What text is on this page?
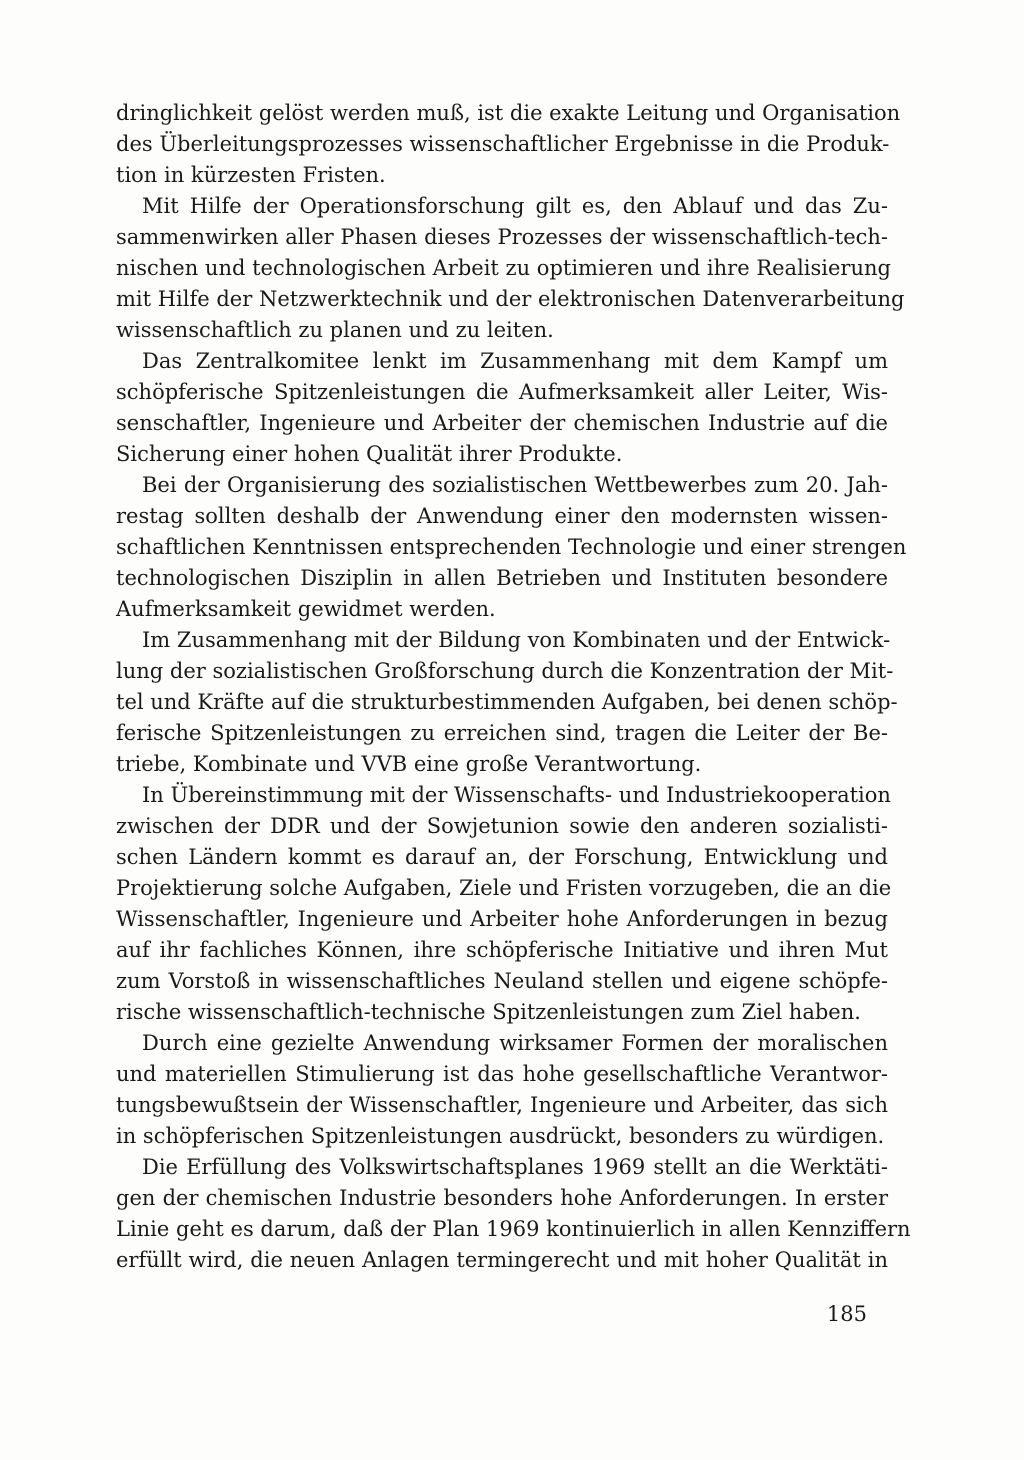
dringlichkeit gelöst werden muß, ist die exakte Leitung und Organisation
des Überleitungsprozesses wissenschaftlicher Ergebnisse in die Produk-
tion in kürzesten Fristen.
Mit Hilfe der Operationsforschung gilt es, den Ablauf und das Zu-
sammenwirken aller Phasen dieses Prozesses der wissenschaftlich-tech-
nischen und technologischen Arbeit zu optimieren und ihre Realisierung
mit Hilfe der Netzwerktechnik und der elektronischen Datenverarbeitung
wissenschaftlich zu planen und zu leiten.
Das Zentralkomitee lenkt im Zusammenhang mit dem Kampf um
schöpferische Spitzenleistungen die Aufmerksamkeit aller Leiter, Wis-
senschaftler, Ingenieure und Arbeiter der chemischen Industrie auf die
Sicherung einer hohen Qualität ihrer Produkte.
Bei der Organisierung des sozialistischen Wettbewerbes zum 20. Jah-
restag sollten deshalb der Anwendung einer den modernsten wissen-
schaftlichen Kenntnissen entsprechenden Technologie und einer strengen
technologischen Disziplin in allen Betrieben und Instituten besondere
Aufmerksamkeit gewidmet werden.
Im Zusammenhang mit der Bildung von Kombinaten und der Entwick-
lung der sozialistischen Großforschung durch die Konzentration der Mit-
tel und Kräfte auf die strukturbestimmenden Aufgaben, bei denen schöp-
ferische Spitzenleistungen zu erreichen sind, tragen die Leiter der Be-
triebe, Kombinate und VVB eine große Verantwortung.
In Übereinstimmung mit der Wissenschafts- und Industriekooperation
zwischen der DDR und der Sowjetunion sowie den anderen sozialisti-
schen Ländern kommt es darauf an, der Forschung, Entwicklung und
Projektierung solche Aufgaben, Ziele und Fristen vorzugeben, die an die
Wissenschaftler, Ingenieure und Arbeiter hohe Anforderungen in bezug
auf ihr fachliches Können, ihre schöpferische Initiative und ihren Mut
zum Vorstoß in wissenschaftliches Neuland stellen und eigene schöpfe-
rische wissenschaftlich-technische Spitzenleistungen zum Ziel haben.
Durch eine gezielte Anwendung wirksamer Formen der moralischen
und materiellen Stimulierung ist das hohe gesellschaftliche Verantwor-
tungsbewußtsein der Wissenschaftler, Ingenieure und Arbeiter, das sich
in schöpferischen Spitzenleistungen ausdrückt, besonders zu würdigen.
Die Erfüllung des Volkswirtschaftsplanes 1969 stellt an die Werktäti-
gen der chemischen Industrie besonders hohe Anforderungen. In erster
Linie geht es darum, daß der Plan 1969 kontinuierlich in allen Kennziffern
erfüllt wird, die neuen Anlagen termingerecht und mit hoher Qualität in
185
